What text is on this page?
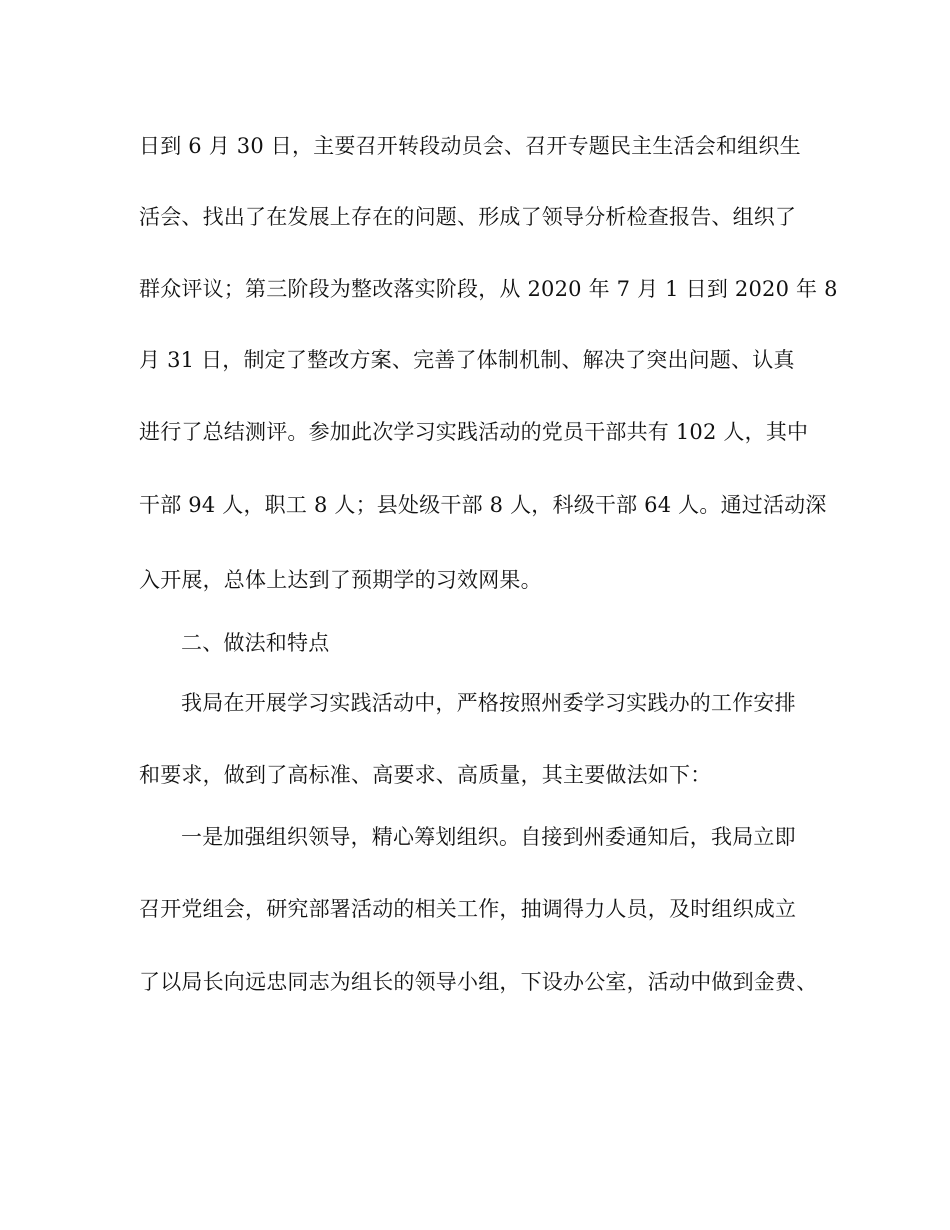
日到 6 月 30 日，主要召开转段动员会、召开专题民主生活会和组织生
活会、找出了在发展上存在的问题、形成了领导分析检查报告、组织了
群众评议；第三阶段为整改落实阶段，从 2020 年 7 月 1 日到 2020 年 8
月 31 日，制定了整改方案、完善了体制机制、解决了突出问题、认真
进行了总结测评。参加此次学习实践活动的党员干部共有 102 人，其中
干部 94 人，职工 8 人；县处级干部 8 人，科级干部 64 人。通过活动深
入开展，总体上达到了预期学的习效网果。
二、做法和特点
我局在开展学习实践活动中，严格按照州委学习实践办的工作安排
和要求，做到了高标准、高要求、高质量，其主要做法如下：
一是加强组织领导，精心筹划组织。自接到州委通知后，我局立即
召开党组会，研究部署活动的相关工作，抽调得力人员，及时组织成立
了以局长向远忠同志为组长的领导小组，下设办公室，活动中做到金费、
